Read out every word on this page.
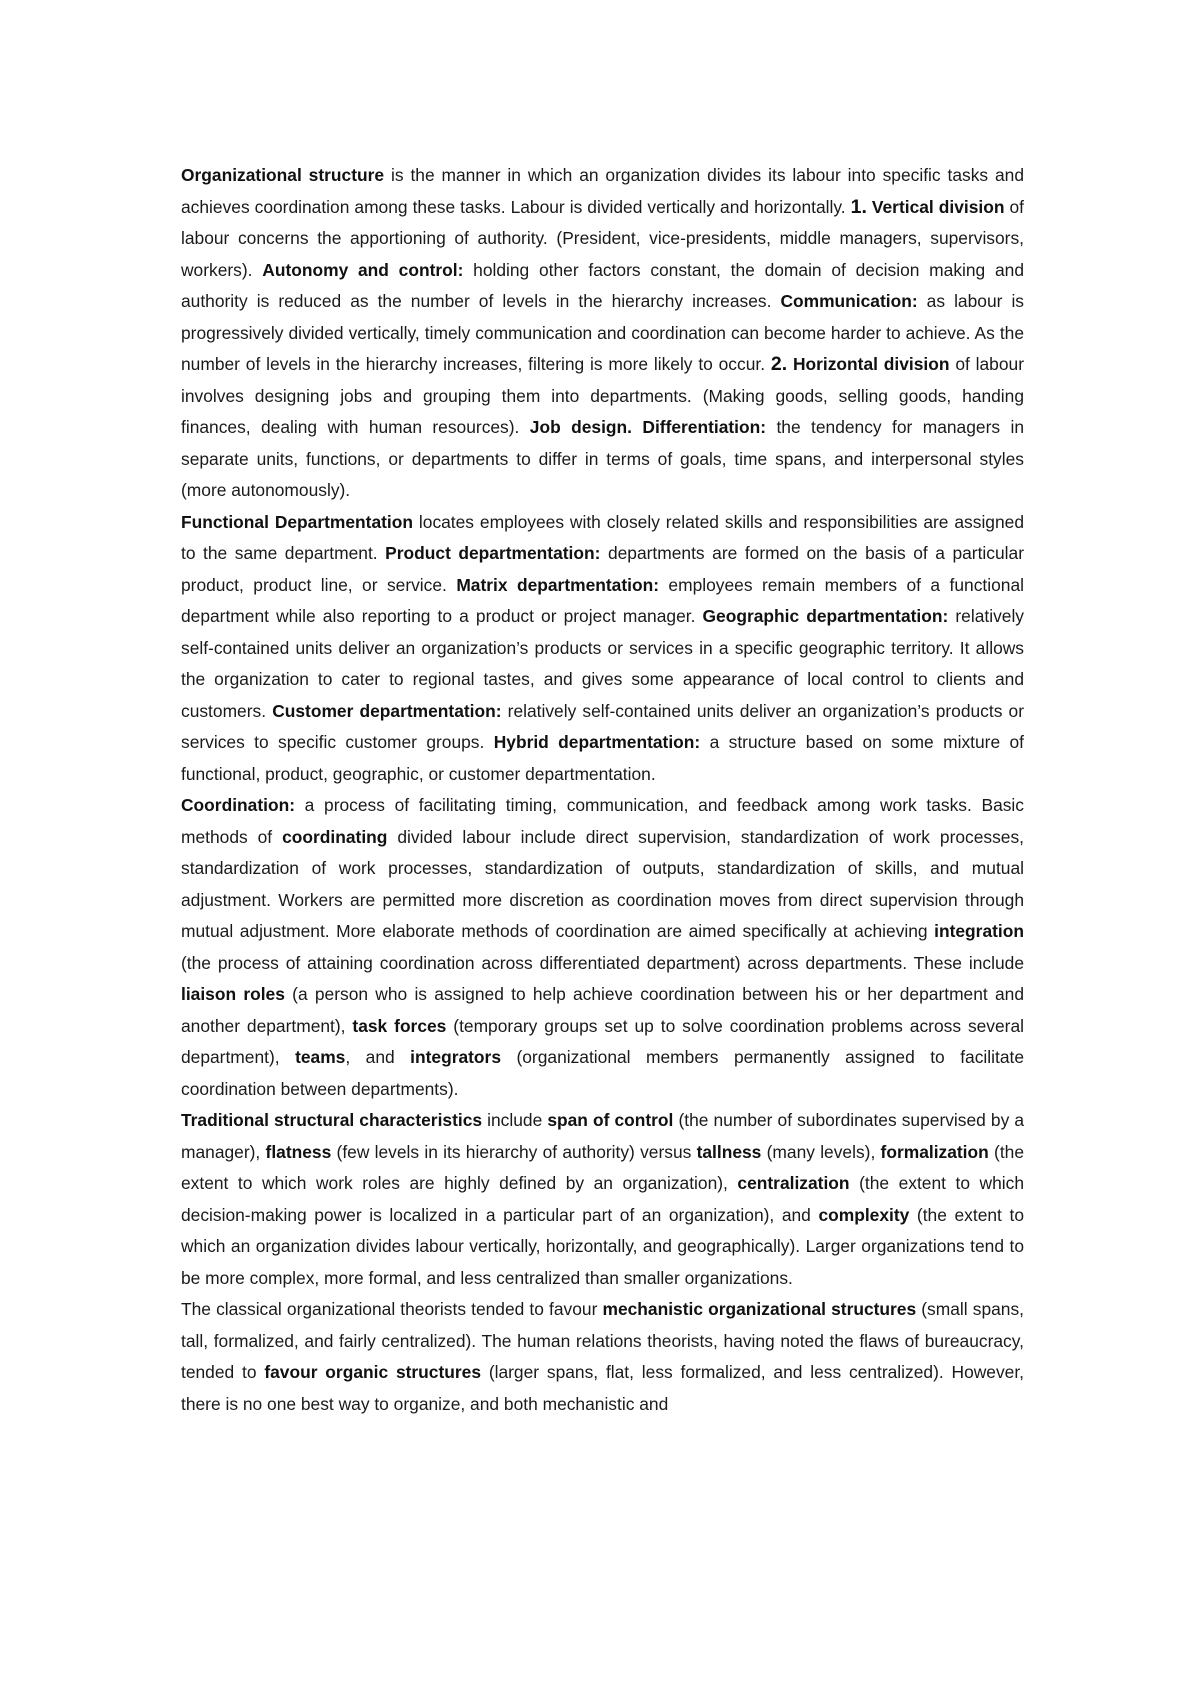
Organizational structure is the manner in which an organization divides its labour into specific tasks and achieves coordination among these tasks. Labour is divided vertically and horizontally. 1. Vertical division of labour concerns the apportioning of authority. (President, vice-presidents, middle managers, supervisors, workers). Autonomy and control: holding other factors constant, the domain of decision making and authority is reduced as the number of levels in the hierarchy increases. Communication: as labour is progressively divided vertically, timely communication and coordination can become harder to achieve. As the number of levels in the hierarchy increases, filtering is more likely to occur. 2. Horizontal division of labour involves designing jobs and grouping them into departments. (Making goods, selling goods, handing finances, dealing with human resources). Job design. Differentiation: the tendency for managers in separate units, functions, or departments to differ in terms of goals, time spans, and interpersonal styles (more autonomously).

Functional Departmentation locates employees with closely related skills and responsibilities are assigned to the same department. Product departmentation: departments are formed on the basis of a particular product, product line, or service. Matrix departmentation: employees remain members of a functional department while also reporting to a product or project manager. Geographic departmentation: relatively self-contained units deliver an organization’s products or services in a specific geographic territory. It allows the organization to cater to regional tastes, and gives some appearance of local control to clients and customers. Customer departmentation: relatively self-contained units deliver an organization’s products or services to specific customer groups. Hybrid departmentation: a structure based on some mixture of functional, product, geographic, or customer departmentation.

Coordination: a process of facilitating timing, communication, and feedback among work tasks. Basic methods of coordinating divided labour include direct supervision, standardization of work processes, standardization of work processes, standardization of outputs, standardization of skills, and mutual adjustment. Workers are permitted more discretion as coordination moves from direct supervision through mutual adjustment. More elaborate methods of coordination are aimed specifically at achieving integration (the process of attaining coordination across differentiated department) across departments. These include liaison roles (a person who is assigned to help achieve coordination between his or her department and another department), task forces (temporary groups set up to solve coordination problems across several department), teams, and integrators (organizational members permanently assigned to facilitate coordination between departments).

Traditional structural characteristics include span of control (the number of subordinates supervised by a manager), flatness (few levels in its hierarchy of authority) versus tallness (many levels), formalization (the extent to which work roles are highly defined by an organization), centralization (the extent to which decision-making power is localized in a particular part of an organization), and complexity (the extent to which an organization divides labour vertically, horizontally, and geographically). Larger organizations tend to be more complex, more formal, and less centralized than smaller organizations.

The classical organizational theorists tended to favour mechanistic organizational structures (small spans, tall, formalized, and fairly centralized). The human relations theorists, having noted the flaws of bureaucracy, tended to favour organic structures (larger spans, flat, less formalized, and less centralized). However, there is no one best way to organize, and both mechanistic and
